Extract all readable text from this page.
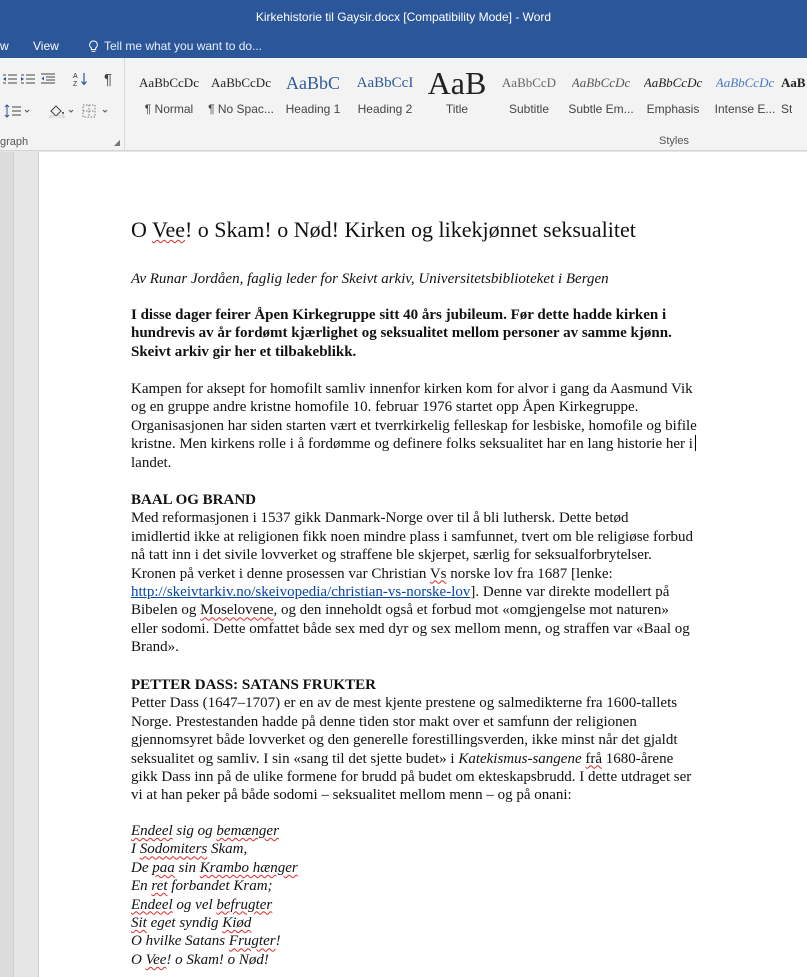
Kirkehistorie til Gaysir.docx [Compatibility Mode] - Word
w View	Tell me what you want to do...
A
Z ¶
graph	◢
AaBbCcDc
¶ Normal
AaBbCcDc
¶ No Spac...
AaBbC
Heading 1
AaBbCcI
Heading 2
AaB
Title
AaBbCcD
Subtitle
AaBbCcDc
Subtle Em...
AaBbCcDc
Emphasis
AaBbCcDc
Intense E...
AaB
St
Styles
O Vee! o Skam! o Nød! Kirken og likekjønnet seksualitet
Av Runar Jordåen, faglig leder for Skeivt arkiv, Universitetsbiblioteket i Bergen
I disse dager feirer Åpen Kirkegruppe sitt 40 års jubileum. Før dette hadde kirken i
hundrevis av år fordømt kjærlighet og seksualitet mellom personer av samme kjønn.
Skeivt arkiv gir her et tilbakeblikk.
Kampen for aksept for homofilt samliv innenfor kirken kom for alvor i gang da Aasmund Vik
og en gruppe andre kristne homofile 10. februar 1976 startet opp Åpen Kirkegruppe.
Organisasjonen har siden starten vært et tverrkirkelig felleskap for lesbiske, homofile og bifile
kristne. Men kirkens rolle i å fordømme og definere folks seksualitet har en lang historie her i
landet.
BAAL OG BRAND
Med reformasjonen i 1537 gikk Danmark-Norge over til å bli luthersk. Dette betød
imidlertid ikke at religionen fikk noen mindre plass i samfunnet, tvert om ble religiøse forbud
nå tatt inn i det sivile lovverket og straffene ble skjerpet, særlig for seksualforbrytelser.
Kronen på verket i denne prosessen var Christian Vs norske lov fra 1687 [lenke:
http://skeivtarkiv.no/skeivopedia/christian-vs-norske-lov]. Denne var direkte modellert på
Bibelen og Moselovene, og den inneholdt også et forbud mot «omgjengelse mot naturen»
eller sodomi. Dette omfattet både sex med dyr og sex mellom menn, og straffen var «Baal og
Brand».
PETTER DASS: SATANS FRUKTER
Petter Dass (1647–1707) er en av de mest kjente prestene og salmedikterne fra 1600-tallets
Norge. Prestestanden hadde på denne tiden stor makt over et samfunn der religionen
gjennomsyret både lovverket og den generelle forestillingsverden, ikke minst når det gjaldt
seksualitet og samliv. I sin «sang til det sjette budet» i Katekismus-sangene frå 1680-årene
gikk Dass inn på de ulike formene for brudd på budet om ekteskapsbrudd. I dette utdraget ser
vi at han peker på både sodomi – seksualitet mellom menn – og på onani:
Endeel sig og bemænger
I Sodomiters Skam,
De paa sin Krambo hænger
En ret forbandet Kram;
Endeel og vel befrugter
Sit eget syndig Kiød
O hvilke Satans Frugter!
O Vee! o Skam! o Nød!
